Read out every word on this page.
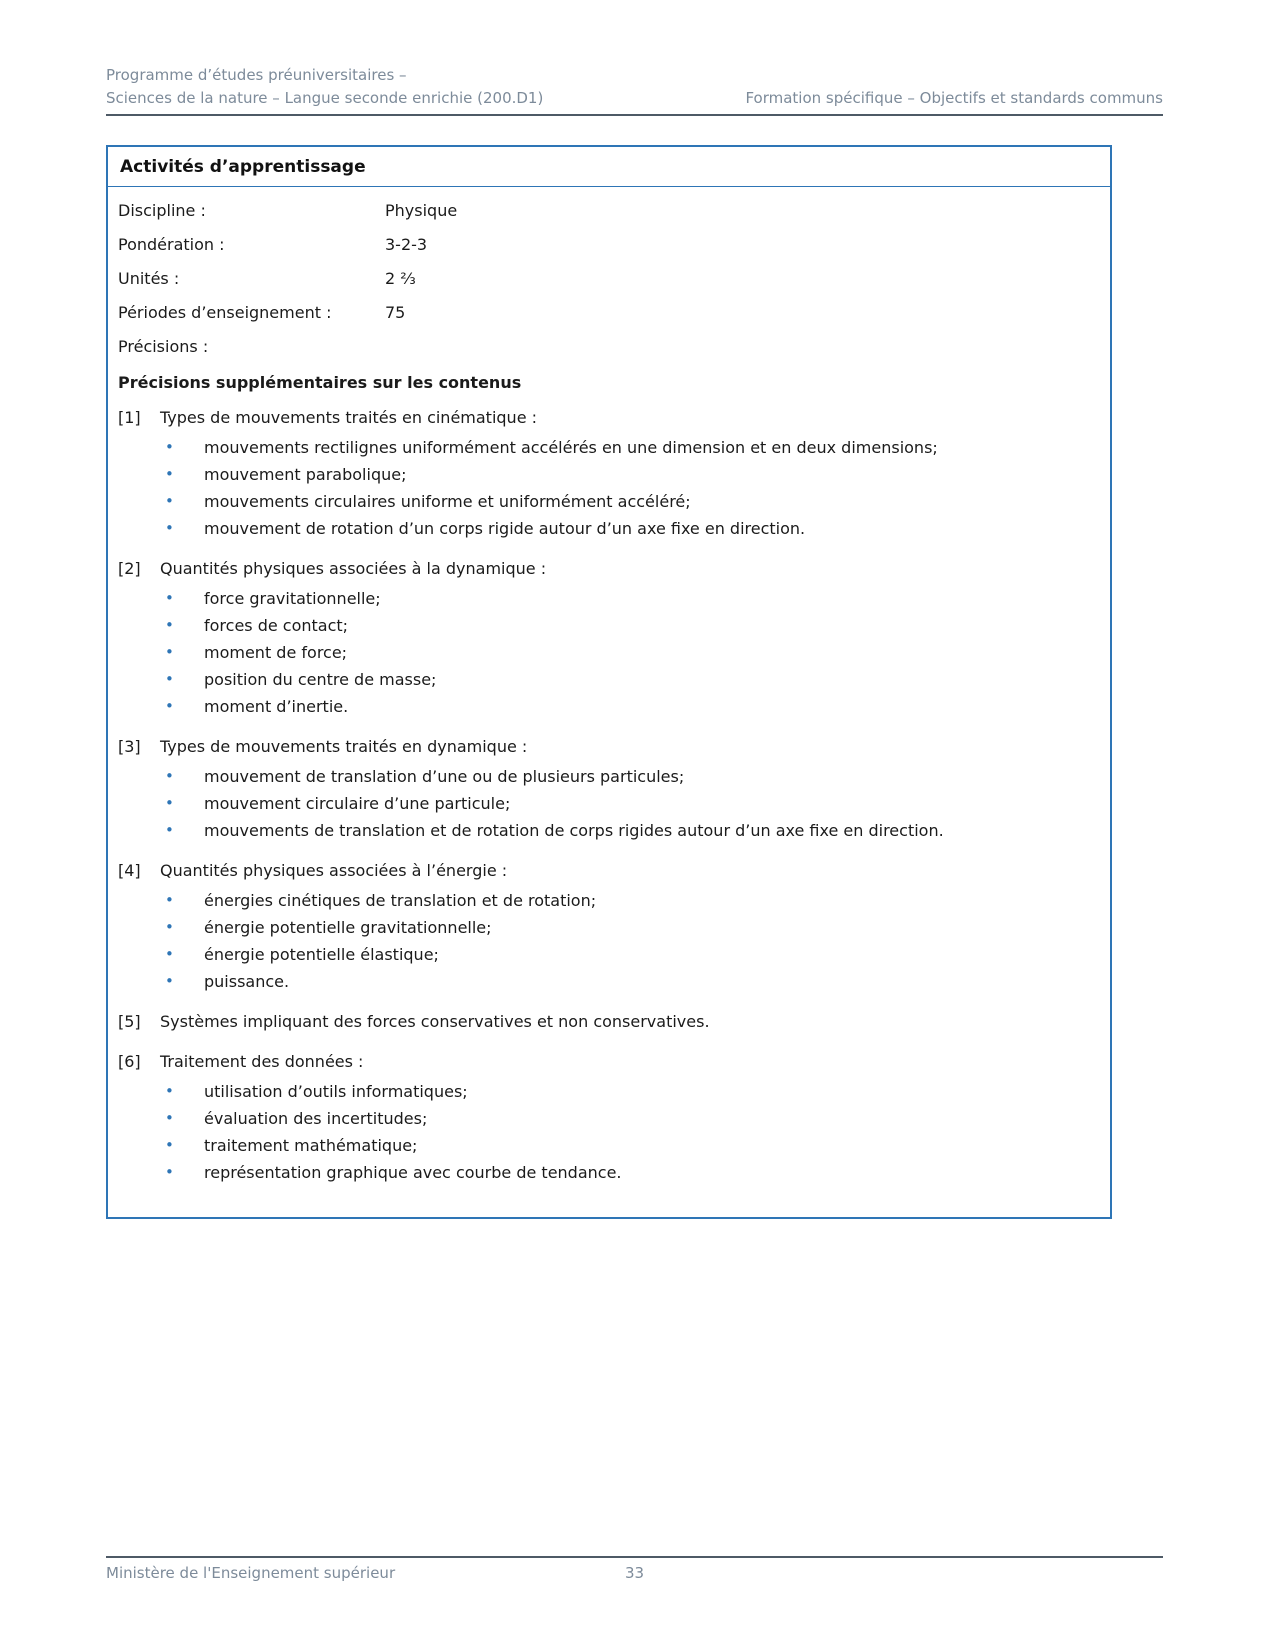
Programme d’études préuniversitaires –
Sciences de la nature – Langue seconde enrichie (200.D1)	Formation spécifique – Objectifs et standards communs
Activités d’apprentissage
Discipline :	Physique
Pondération :	3-2-3
Unités :	2 ⅔
Périodes d’enseignement :	75
Précisions :
Précisions supplémentaires sur les contenus
[1]	Types de mouvements traités en cinématique :
•	mouvements rectilignes uniformément accélérés en une dimension et en deux dimensions;
•	mouvement parabolique;
•	mouvements circulaires uniforme et uniformément accéléré;
•	mouvement de rotation d’un corps rigide autour d’un axe fixe en direction.
[2]	Quantités physiques associées à la dynamique :
•	force gravitationnelle;
•	forces de contact;
•	moment de force;
•	position du centre de masse;
•	moment d’inertie.
[3]	Types de mouvements traités en dynamique :
•	mouvement de translation d’une ou de plusieurs particules;
•	mouvement circulaire d’une particule;
•	mouvements de translation et de rotation de corps rigides autour d’un axe fixe en direction.
[4]	Quantités physiques associées à l’énergie :
•	énergies cinétiques de translation et de rotation;
•	énergie potentielle gravitationnelle;
•	énergie potentielle élastique;
•	puissance.
[5]	Systèmes impliquant des forces conservatives et non conservatives.
[6]	Traitement des données :
•	utilisation d’outils informatiques;
•	évaluation des incertitudes;
•	traitement mathématique;
•	représentation graphique avec courbe de tendance.
Ministère de l'Enseignement supérieur	33
